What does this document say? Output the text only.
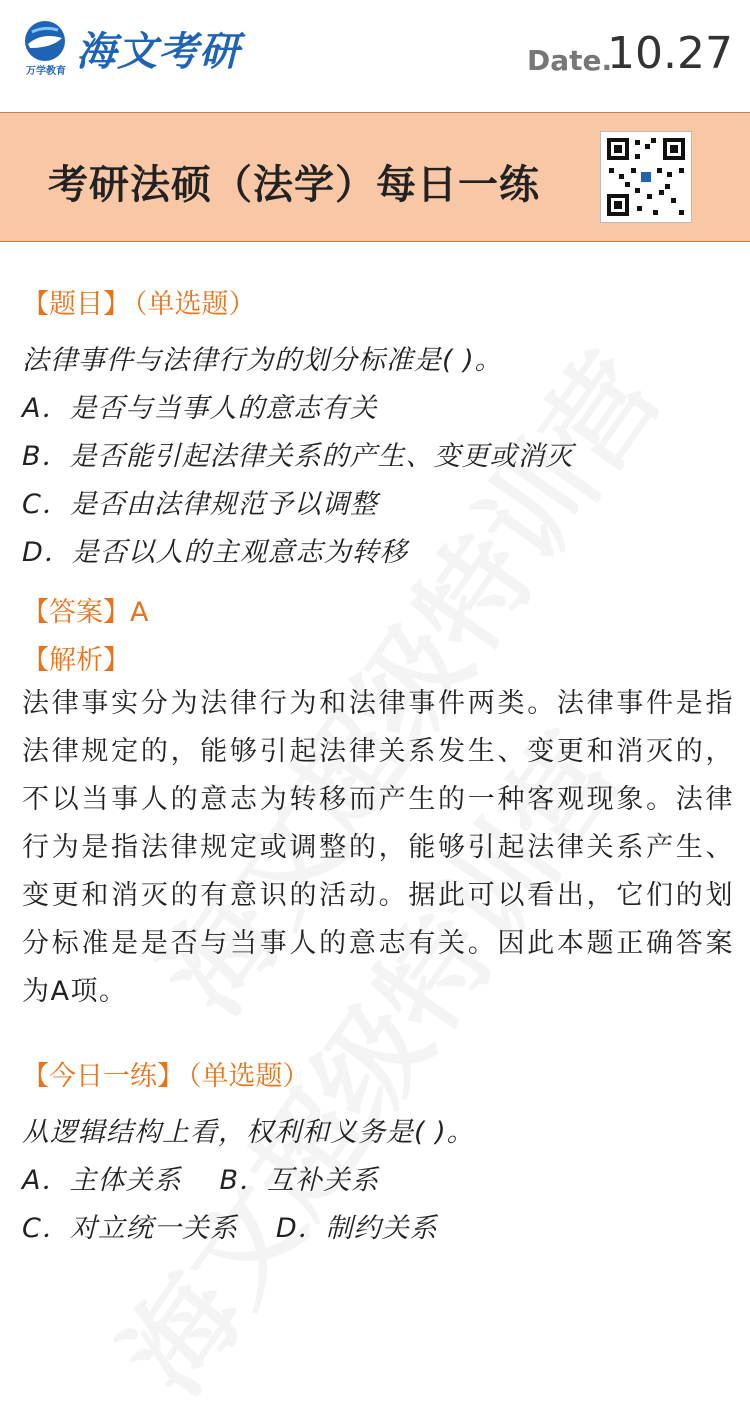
万学教育 海文考研	Date.
10.27
考研法硕（法学）每日一练
【题目】 （单选题）
法律事件与法律行为的划分标准是( )。
A．是否与当事人的意志有关
B．是否能引起法律关系的产生、变更或消灭
C．是否由法律规范予以调整
D．是否以人的主观意志为转移
【答案】A
【解析】
法律事实分为法律行为和法律事件两类。法律事件是指法律规定的，能够引起法律关系发生、变更和消灭的，不以当事人的意志为转移而产生的一种客观现象。法律行为是指法律规定或调整的，能够引起法律关系产生、变更和消灭的有意识的活动。据此可以看出，它们的划分标准是是否与当事人的意志有关。因此本题正确答案为A项。
【今日一练】 （单选题）
从逻辑结构上看，权利和义务是( )。
A．主体关系 B．互补关系
C．对立统一关系 D．制约关系
